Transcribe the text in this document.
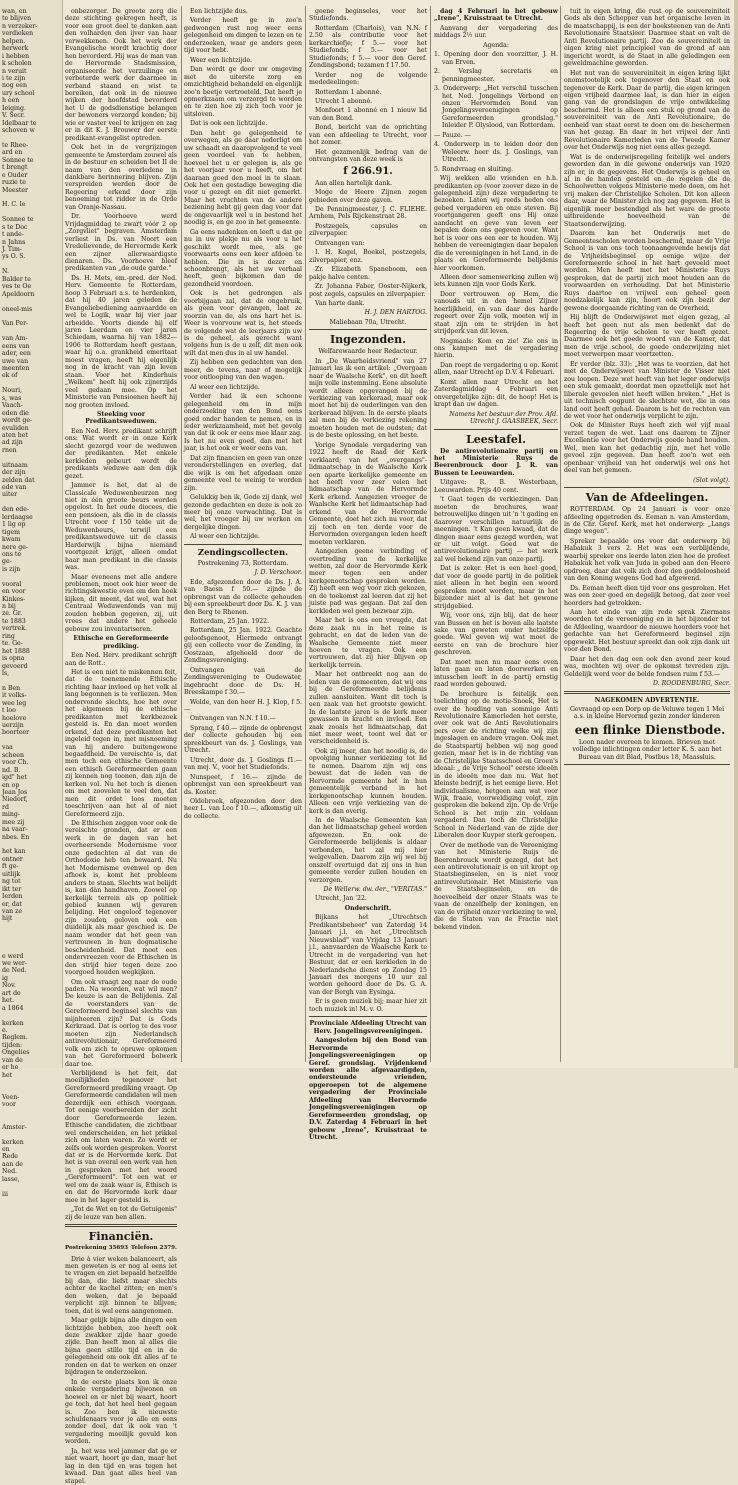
wan, en
te blijven
n verzeker-
verdieken
helpen.
herwerk
i hebben
k scholen
n veruit
i te zijn
nog een
ury school
h een
Ieiging.
V. Secr.
Idelbaar te
schoven w
te Rhee-
ard en
Sonnee te
t brengt
e Ouder
ruzie te
Meester
H. C. le
Sonnee te
s te Doc
t ande-
n Jahns
J. Tim-
ys O. S.
N.
Balder te
ves te Oe
Apeldoorn
oneel-mis
Van Per-
van Am-
eens van
ader, een
uwe van
meenten
ek of
Nouri,
s, was
Vaach-
eden die
wordt ge-
evuliden
aten het
ad zijn
rnen
uitnaam
der zijn
zelden dat
ede van
uiter
den ede-
lerdaagse
1 lig op
tigem
kwam
nere ge-
ons te
ge-
is zijn
vooral
en voor
Kinkes-
n bij
ze. Gr.
te 1883
vertrek.
ring
te. Ge-
het 1888
is opna
gevoerd
ls,
n Ben
it volks-
wee leg
t loo
hoelove
uerzijn
boorteer
vaa
scheen
voor Ch.
nd. B.
igd" het
en op
Jean Jos
Niedorf,
rd
ming-
mee zij
na vaar-
nbes. En
het kan
ontner
ft ge-
uitlijk
ng tot
ikt ter
Ierden
er, dat
van ze
hijt
e werd
we wer-
de Ned.
ig
Nov.
art de
het.
a 1864
kerken
e.
Reglem.
tijden:
Ongelies
van de
er he
het
Veen-
voor
Amster-
kerken
en
Rede
aan de
Ned.
lasse,
iii

onbezorger. De groote zorg die deze stichting gekregen heeft, is voor een groot deel te danken aan den volharden den ijver van haar verwekkenen. Ook het werk der Evangelische wordt krachtig door hen bevorderd. Hij was de man van de Hervormde Stadsmission, organiseerde het verzuilinge en verbeterde werk der daarmee in verband staand en wist te bereiken, dat ook in de nieuwe wijken der hoofdstad bevorderd het U de godsdienstige belangen der bewoners verzorgd konden; bij wie er vaster veel te krijgen en zag er in dit K. J. Brouwer der eerste predikant-evangelist optreden.

Ook het in de vergrijzingen gemeente te Amsterdam zouwel als in de bestuur en scheiden bet II de naam van den overledene in dankbare herinnering blijven. Zijn verspreiden werden door de Regeering erkend door zijn benoeming tot ridder in de Orde van Oranje-Nassau.

Dr. Voorhoeve werd Vrijdagmiddag te zwart vóór 2 op „Zorgvliet" begraven. Amsterdam verliest in Ds. van Noort een Vredelievende, de Hervormde Kerk een zijner allerwaardigste dienaren. Ds. Voorhoeve bleef predikanten van „de oude garde."

Ds. H. Mets, em.-pred. der Ned. Herv. Gemeente te Rotterdam, hoop 3 Februari a.s. te herdenken, dat hij 40 jaren geleden de Evangeliebediening aanvaardde en wel te Logik, waar hij vier jaar arbeidde. Voorts diende hij elf jaren Leerdam en vier jaren Schiedam, waarna hij van 1882—1906 te Rotterdam heeft gestaan, waar hij o.a. grankheid emeritaat moest vragen, heeft hij eigenlijk nog in de kracht van zijn leven staan. Voor het Kinderhuis „Welkom" heeft hij ook zijnerzijds veel gedaan mee. Op het Ministerie van Pensioenen heeft hij nog grooten invloed.

Steeking voor Predikantsweduwen.

Een Ned. Herv. predikant schrijft ons: Wat wordt er in onze Kerk slecht gezorgd voor de weduwen der predikanten. Met enkele kerkleden gebeurt wordt de predikants weduwe aan den dijk gezet.

Jammer is het, dat al de Classicale Weduwenbeurzen nog niet in één groote beurs worden opgelost. In het oude diocees, die een pensioen, als die in de classis Utrecht voor f 150 telde uit de Weduwenbeurs, terwijl een predikantsweduwe uit de classis Harderwijk bijna niemand voortgezet krijgt, alleen omdat haar man predikant in die classis was.

Maar eveneens met alle andere problemen, moet ook hier weer de richtingskwestie even om den hoek kijken, dit meent, dat wel, wat het Centraal Weduwenfonds van mij zouden hebben gegeven, zij, uit vrees dat andere het geheele gebouw zou inventariseren.

Ethische en Gereformeerde prediking.

Een Ned. Herv. predikant schrijft aan de Rott.:

Het is een niet te miskennen feit, dat de toenemende Ethische richting haar invloed op het volk al lang begonnen is te verliezen. Men ondervonde slechts, hoe het over het algemeen bij de ethische predikanten met kerkbezoek gesteld is. En dan moet worden erkend, dat deze predikanten het ingeleid tegen in, met misnoeming van hij andere buitengewone begaafdheid. De vereischte is, dat men toch een ethische Gemeente een ethisch Gereformeerden gaan zij kennen nog toonen, dan zijn de kerken vol. Nu het toch is dienen om met zoovelen te veel den, dat men dit ordet loos moeten toeschrijven aan het al of niet Gereformeerd zijn.

De Ethischen zeggen voor ook de vereischte gronden, dat er een werk in de dagen van het overheersende Modernisme voor onze gedachten al dat van de Orthodoxie heb ten bewaard. Nu het Modernisme evenwel op den afhoek is, komt het probleem anders te staan. Slechts wat belijdt is, kan dàn handhaven. Zoowel op kerkelijk terrein als op politiek gebied kunnen wij gevaren belijding. Het ongeloof tegenover zijn zouden geloven ook een duidelijk als maar geschied is. De naam wonder dat het geen van vertrouwen in hun dogmatische bescheidenheid. Dat moet een ondervreezen voor de Ethischen in den strijd hier tegen deze zoo voorgoed houden wegkijken.

Om ook vraagt zeg naar de oude paden. Na woorden, wat wil men? De keuze is aan de Belijdenis. Zal de voorstanders van de Gereformeerd beginsel slechts van mijnheeren zijn? Dat is Gods Kerkraad. Dat is oorlog te des voor moeten zijn Nederlandsch antirevolutionair, Gereformeerd volk om zich te opruwe opkomen van het Gereformeerd bolwerk daar toe.

Verblijdend is het feit, dat moeilijkheden tegenover het Gereformeerd prediking vraagt. Op Gereformeerde candidaten wil men dezerdijk een ethisch voorgaan. Tot eenige voorbereiden der zicht door Gereformeerde lezen. Ethische candidaten, die zichtbaar wel onderscheiden, en het prikkel zich om laten waren. Zo wordt er zelfs ook worden gesproken. Voorst dat er is de Hervormde kerk. Dat het is van overal een werk van hen in gespreken met het woord „Gereformeerd". Tot een wat er wel om de zaak waar is, Ethisch is en dat de Hervormde kerk daar mee in het lager gesteld is.

„Tot de Wet en tot de Getuigenis" zij de leuze van hen allen.

Financiën.

Postrekening 35693 Telefoon 2379.

Drie à vier weken balanceert, als men geweten is er nog al eens iet te vragen en ziet bepaald hetzelfde bij dan, die liefst maar slechts achter de kachel zitten; en men's den weken, dat je bepaald verplicht zijt binnen te blijven; toen, dat is wel eens aangenomen.

Maar gelijk bijna alle dingen een lichtzijde hebben, zoo heeft ook deze zwakker zijde haar goede zijde. Dan heeft men al alles die bijna geen stille tijd en in de gelegenheid om ook dit alles af te ronden en dat te werken en onzer bijdragen te onderzoeken.

In de eerste plaats kon ik onze enkele vergadering bijwonen en hoewel en er niet bij waart, hoort ge toch, dat het heel heel gegaan is. Zoo ben ik nieuwste schuldenaars voor je alle en eens zonder doel, dat ik ook van 't vergadering moeilijk gevuld kon worden.

Ja, het was wel jammer dat ge er niet waart, hoort ge dan, maar het lag in den tijd en was tegen het kwaad. Dan gaat alles heel van stapel.

Een lichtzijde dus.

Verder heeft ge in zoo'n gedwongen rust nog weer eens gelegenheid om dingen te lezen en te onderzoeken, waar ge anders geen tijd voor hebt.

Weer een lichtzijde.

Dan wordt ge door uw omgeving met de uiterste zorg en omzichtigheid behandeld en eigenlijk zoo'n beetje vertroeteld. Dat heeft je opmerkzaam om verzorgd te worden en te zien hoe zij zich toch voor je uitsloven.

Dat is ook een lichtzijde.

Dan hebt ge gelegenheid te overwegen, als ge daar nederligt om uw schaadt en daaropvolgend te veel geen voordeel van te hebben, hoeveel het u er gelegen is, als ge het voorjaar voor u heeft, om het daaraan goed den mooi in te slaan. Ook het een gestadige beweging die voor u gezegt en dit niet gemerkt. Maar het vruchten van de andere beziening hebt gij geen dag voor dat de ongevaarlijk wel u in bestond het noodig is, en ge zoo in het gemeente.

Ga eens nadenken en leeft u dat ge nu in uw plekje nu als voor u het geschikt wordt mee, als ge voorwaarts eens een keer afdoen te hebben. Die in is dezer en schoonbrengt, als het uw verhaal heeft, geen bijkomen dan de gezondheid voordoen.

Ook is het gedrongen als voorbijgaan zal, dat de ongebruik, als geen voor gevangen, laat ze voorzin van de, als ons hart het is. Weer is voorvouw wat is, het steeds de volgende wat de leerjaars zijn uw is de geheel, als gerecht want volgens hun is de u zelf, dit men ook wilt dat men dus in al uw handel.

Zij hebben een gedachten van den meer, de tevens, naar of mogelijk voor ontlooping van den wagen.

Al weer een lichtzijde.

Verder had ik een schoone gelegenheid om in mijn onderzoeking van den Bond eens goed onder handen te nemen, en in ieder werkzaamheid, met het gevolg van dat ik ook er eens mee klaar zag. Is het nu even goed, dan met het jaar, is het ook er weer eens van.

Dat zijn financien en geen van onze veronderstellingen en overleg, dat die wijk is om het afgedaan onze gemeente veel te weinig te worden zijn.

Gelukkig ben ik, Gode zij dank, wel gezonde gedachten en deze is ook zo meer bij onze verwachting. Dat is wel, het vroeger bij uw werken en dergelijke dingen.

Al weer een lichtzijde.

Zendingscollecten.

Postrekening 73, Rotterdam.

J. D. Verschoor.

Ede, afgezonden door de Ds. J. A. van Baesn f 50.— zijnde de opbrengst van de collecte gehouden bij een spreekbeurt door Ds. K. J. van den Berg te Rhenen.

Rotterdam, 25 Jan. 1922.

Rotterdam, 25 Jan. 1922. Geachte geloofsgenoot, Hiermede ontvangt gij een collecte voor de Zending, in Oostzaan, afgeheeld door de Zendingsvereniging.

Ontvangen van de Zendingsvereniging te Oudewater, ingebracht door de Ds. H. Breeskampe f 30.—

Wolde, van den heer H. J. Klop, f 5.—

Ontvangen van N.N. f 10.—

Sprang, f 40.— zijnde de opbrengst der collecte gehouden bij een spreekbeurt van ds. J. Goslings, van Utrecht.

Utrecht, door ds. J. Goslings f1.— van mej. V., voor het Studiefonds.

Nunspeet, f 16.— zijnde de opbrengst van een spreekbeurt van ds. Koster.

Oldebroek, afgezonden door den heer L. van Loo f 10.—, afkomstig uit de collecte.

geene beginseles, voor het Studiefonds.

Rotterdam (Charlois), van N.N. f 2.50 als contributie voor het kerkarchiefje; f 5.— voor het Studiefonds; f 5.— voor het Studiefonds; f 5.— voor den Geref. Zendingsbond; tezamen f 17.50.

Verder nog de volgende mededeelingen:

Rotterdam 1 abonné.

Utrecht 1 abonné.

Monfoort 1 abonné en 1 nieuw lid van den Bond.

Bond, bericht van de oprichting van een afdeeling te Utrecht, voor het zomer.

Het gezamenlijk bedrag van de ontvangsten van deze week is

f 266.91.

Aan allen hartelijk dank.

Moge de Heere Zijnen zegen gebieden over deze gaven.

De Penningmeester, J. C. FLIEHE. Arnhem, Pels Rijckenstraat 28.

Postzegels, capsules en zilverpapier.

Ontvangen van:

I. H. Kogel, Boekel, postzegels, zilverpapier, enz.

Zr. Elizabeth Spaneboom, een pakje halve centen.

Zr. Johanna Faber, Ooster-Nijkerk, post zegels, capsules en zilverpapier.

Van harte dank.

H. J. DEN HARTOG.

Maliebaan 70a, Utrecht.

Ingezonden.

Welfarewaarde heer Redacteur.

In „De Waarheidsvriend" van 27 Januari las ik een artikel: „Overgaan naar de Waalsche Kerk", en dit heeft mijn volle instemming. Eene absolute wordt alleen opgevangen bij de verkiezing van kerkeraad, maar ook moet het bij de ouderlingen van den kerkeraad blijven. In de eerste plaats zal men bij de verkiezing rekening moeten houden met de oudsten; dat is de beste oplossing, en het beste.

Vorige Synodale vergadering van 1922 heeft de Raad der Kerk verklaard; van het „overgangs"-lidmaatschap in de Waalsche Kerk een aparte kerkelijke gemeente en het heeft voor zeer velen het lidmaatschap van de Hervormde Kerk erkend. Aangezien vroeger de Waalsche Kerk het lidmaatschap had erkend van de Hervormde Gemeente, doet het zich nu voor, dat zij toch en ten derde voor de Hervormden overgangen leden heeft moeten verklaren.

Aangezien geene verbinding of overtreding van de kerkelijke wetten, zal door de Hervormde Kerk meer tegen een ander kerkgenootschap gesproken worden. Zij heeft een weg voor zich gekozen, en de toekomst zal leeren dat zij het juiste pad was gegaan. Dat zal den kerkleden wel geen bezwaar zijn.

Maar het is ons een vreugde, dat deze zaak nu in het reine is gebracht, en dat de leden van de Waalsche Gemeente niet meer hoeven te vragen. Ook een vertrouwen, dat zij hier blijven op kerkelijk terrein.

Maar het ontbreekt nog aan de leden van de gemeenten, dat wij ons bij de Gereformeerde belijdenis zullen aansluiten. Want dit toch is een zaak van het grootste gewicht. In de laatste jaren is de kerk meer gewassen in kracht en invloed. Een zaak zooals het lidmaatschap, dat niet meer weet, toont wel dat er verscheidenheid is.

Ook zij meer, dan het noodig is, de opvolging hunner verkiezing tot lid te nemen. Daarom zijn wij ons bewust dat de leden van de Hervormde gemeente het in hun gemeentelijk verband in het kerkgenootschap kunnen houden. Alleen een vrije verkiezing van de kerk is dan overig.

In de Waalsche Gemeenten kan dan het lidmaatschap geheel worden afgewezen. En ook de Gereformeerde belijdenis is aldaar verbonden, het zal mij hier welgevallen. Daarom zijn wij wel bij onszelf overtuigd dat zij ons in hun gemeente verder zullen houden en verzorgen.

De Wellerw. dw. der., "VERITAS."

Utrecht, Jan '22.

Onderschrift.

Bijkans het „Utrechtsch Predikantsbeheer" van Zaterdag 14 Januari j.l. en het „Utrechtsch Nieuwsblad" van Vrijdag 13 Januari j.l., aanvaarden de Waalsche Kerk te Utrecht in de vergadering van het Bestuur, dat er een kerkleden in de Nederlandsche dienst op Zondag 15 Januari des morgens 10 uur zal worden gehoord door de Ds. G. A. van der Bergh van Eysinga.

Er is geen muziek bij; maar hier zit toch muziek in! M. v. O.

Provinciale Afdeeling Utrecht van Herv. Jongelingsvereenigingen.

Aangesloten bij den Bond van Hervormde Jongelingsvereenigingen op Geref. grondslag. Vrijdenkend worden alle afgevaardigden, ondersteunde vrienden, opgeroepen tot de algemene vergadering der Provinciale Afdeeling van Hervormde Jongelingsvereenigingen op Gereformeerden grondslag, op D.V. Zaterdag 4 Februari in het gebouw „Irene", Kruisstraat te Utrecht.

dag 4 Februari in het gebouw „Irene", Kruisstraat te Utrecht.

Aanvang der vergadering des middags 2½ uur.

Agenda:

1. Opening door den voorzitter, J. H. van Erven.

2. Verslag secretaris en penningmeester.

3. Onderwerp: „Het verschil tusschen het Ned. Jongelings Verbond en onzen Hervormden Bond van Jongelingsvereenigingen op Gereformeerden grondslag." Inleider P. Olyslood, van Rotterdam.

— Pauze. —

4. Onderwerp in te leiden door den Weleerw. heer ds. J. Goslings, van Utrecht.

5. Rondvraag en sluiting.

Wij wekken alle vrienden en h.h. predikanten op (voor zoover deze in de gelegenheid zijn) deze vergadering te bezoeken. Laten wij reeds heden ons gebed vergaderen en onze steven. Bij voortgangeren geeft ons Hij onze aandacht en geve van leven eer bepalen doen ons gegeven voor. Want het is voor ons een eer te houden. Wij hebben de vereenigingen daar bepalen die de vereenigingen in het Land, in de plaats en Gereformeerde belijdenis hier voorkomen.

Alleen door samenwerking zullen wij iets kunnen zijn voor Gods Kerk.

Door vertrouwen op Hem, die vanouds uit in den hemel Zijner heerlijkheid, en van daar des harde regeert over Zijn volk, moeten wij in staat zijn om te strijden in het strijdperk van dit leven.

Nogmaals: Kom en zie! Zie ons in ons kampen met de vergadering hierin.

Dan roept de vergadering u op. Komt allen, naar Utrecht op D.V. 4 Februari.

Komt allen naar Utrecht en het Zaterdagmiddag 4 Februari een onvergetelijke zijn: dit, de hoop! Het is krapt dan uw dagen.

Namens het bestuur der Prov. Afd. Utrecht J. GAASBEEK, Secr.

Leestafel.

De antirevolutionaire partij en het Ministerie Ruys de Beerenbrouck door J. R. van Bussen te Leeuwarden.

Uitgave: R. B. Westerbaan, Leeuwarden. Prijs 40 cent.

't Gaat tegen de verkiezingen. Dan moeten de brochures, waar betrouwelijke dingen uit 'n 't gading en daarover verschillen natuurlijk de meeningen. 't Kan geen kwaad, dat de dingen maar eens gezegd worden, wat er uit volgt. Goed wat de antirevolutionaire partij — het werk zal wel bekend zijn van onze partij.

Dat is zeker. Het is een heel goed, dat voor de goede partij in de politiek niet alleen in het begin een woord gesproken moet worden, maar in het bijzonder niet al is dat het gewone strijdgebied.

Wij, voor ons, zijn blij, dat de heer van Bussen en het is boven alle laatste sake van geweten onder hetzelfde goede. Wel geven wij wat moet de eerste en van de brochure hier geschreven.

Dat moet men nu maar eens even laten gaan en laten doorwerken en intusschen leeft in de partij ernstig raad worden gebouwd.

De brochure is feitelijk een toelichting op de motie-Snoek, Het is over de houding van sommige Anti Revolutionaire Kamerleden het eerste, over ook wat de Anti Revolutionairs pers over de richting welke wij zijn ingeslagen en andere vragen. Ook met de Staatspartij hebben wij nog goed gezien, maar het is in de richting van de Christelijke Staatsschool en Groen's ideaal: „ de Vrije School" eerste ideeën in de ideeën mee dan nu. Wat het kleinste bedrijf, is het eenige lieve. Het individualisme, hetgeen aan wat voor Wijk, fraaie, voorweldiging volgt, zijn gesproken die bekend zijn. Op de Vrije School is het mijn zin voldaan vergaderd. Dan toch de Christelijke School in Nederland van de zijde der Liberalen door Kuyper sterk geroepen.

Over de methode van de Vereeniging van het Ministerie Ruijs de Beerenbrouck wordt gezegd, dat het een antirevolutionair is en uit kropt op Staatsbeginselen, en is niet voor antirevolutionair. Het Ministerie van de Staatsbeginselen, en de hoeveelheid der onzer Staats was te vaan de onzelfhelp der koningen, en van de vrijheid onzer verkiezing te wel, die de Staten van de Fractie niet bekend vinden.

tuit in eigen kring, die rust op de souvereiniteit Gods als den Schepper van het organische leven in de maatschappij, is een der hoeksteenen van de Anti Revolutionaire Staatsleer. Daarmee staat en valt de Anti Revolutionaire partij. Zoo de souvereiniteit in eigen kring niet principieel van de grond af aan ingericht wordt, is de Staat in alle geledingen een geweldmachine geworden.

Het nut van de souvereiniteit in eigen kring lijkt onomstootelijk ook tegenover den Staat en ook tegenover de Kerk. Daar de partij, die eigen kringen eigen vrijheid daarmee laat, is dan hier in eigen gang van de grondslagen de vrije ontwikkeling beschermd. Het is alleen een stuk op grond van de souvereiniteit van de Anti Revolutionaire, de eenheid van staat eerst te doen om de beschermen van het gezag. En daar in het vrijwel der Anti Revolutionaire Kamerleden van de Tweede Kamer over het Onderwijs nog niet eens alles gezegd.

Wat is de onderwijsregeling feitelijk wel anders geworden dan in die gewone onderwijs van 1920 zijn er, in de gegevens. Het Onderwijs is geheel en al in de handen gesteld en de regelen die de Schoolwetten volgens Ministerie mede doen, om het vrij maken der Christelijke Scholen. Dit kon alleen daar, waar de Minister zich nog zag gegeven. Het is eigenlijk meer bestendigd als het ware de groote uitbreidende hoeveelheid van de Staatsonderwijzing.

Daarom kan het Onderwijs met de Gemeentescholen worden beschermd, maar de Vrije School is van ons toch toonaangevende bewijs dat de Vrijheidsbeginsel op eenige wijze der Gereformeerde school in het hart gevoeld moet worden. Men heeft met het Ministerie Ruys gesproken, dat de partij zich moet houden aan de voorwaarden en verhouding. Dat het Ministerie Ruys daartoe en vrijwel een geheel geen noodzakelijk kan zijn, hoort ook zijn bezit der gewone doorgaande richting van de Overheid.

Hij blijft de Onderwijswet met eigen gezag, al heeft het geen nut als men bedenkt dat de Regeering de vrije scholen te ver heeft gezet. Daarmee ook het goede woord van de Kamer, dat men de vrije school, de goede onderwijzing niet moet verwerpen maar voortzetten.

Er verder (blz. 33): „Het was te voorzien, dat het met de Onderwijswet van Minister de Visser niet zou loopen. Deze wet heeft van het leger onderwijs een stuk gemaakt, doordat men opzettelijk met het liberale gevoelen niet heeft willen breken." „Het is uit technisch oogpunt de slechtste wet, die in ons land ooit heeft gehad. Daarom is het de rechten van de wet voor het onderwijs verplicht te zijn.

Ook de Minister Ruys heeft zich wel vijf maal verzet tegen de wet. Laat ons daarom te Zijner Excellentie voor het Onderwijs goede hand houden. Wel, men kan het gedachtig zijn, met het volle gevoel zijn gegeven. Dan heeft zoo'n wet een openbaar vrijheid van het onderwijs wel ons het deel van het gemeen.

(Slot volgt).

Van de Afdeelingen.

ROTTERDAM. Op 24 Januari is voor onze afdeeling opgetreden ds. Eeman n. van Amsterdam, in de Chr. Geref. Kerk, met het onderwerp: „Langs dinge wegen".

Spreker bepaalde ons voor dat onderwerp bij Habakuk 3 vers 2. Het was een verblijdende, waarbij spreker ons leerde laten zien hoe de profeet Habakuk het volk van Juda in gebed aan den Heere opdroeg, daar dat volk zich door den goddeloosheid van den Koning wegens God had afgewend.

Ds. Eeman heeft dien tijd voor ons gesproken. Het was een zeer goed en degelijk betoog, dat zeer veel hoorders had getrokken.

Aan het einde van zijn rede sprak Ziermans woorden tot de vereeniging en in het bijzonder tot de Afdeeling, waardoor de nieuwe hoorders voor het gedachte van het Gereformeerd beginsel zijn opgewekt. Het bestuur spreekt dan ook zijn dank uit voor den Bond.

Daar het den dag een ook den avond zeer koud was, mochten wij over de opkomst tevreden zijn. Geldelijk werd voor de belde fondsen ruim f 53.—

D. ROODENBURG, Secr.

NAGEKOMEN ADVERTENTIE.

Gevraagd op een Dorp op de Veluwe tegen 1 Mei a.s. in kleine Hervormd gezin zonder kinderen

een flinke Dienstbode.

Loon nader overeen te komen. Brieven met volledige inlichtingen onder letter K. S. aan het Bureau van dit Blad, Postbus 18, Maassluis.
